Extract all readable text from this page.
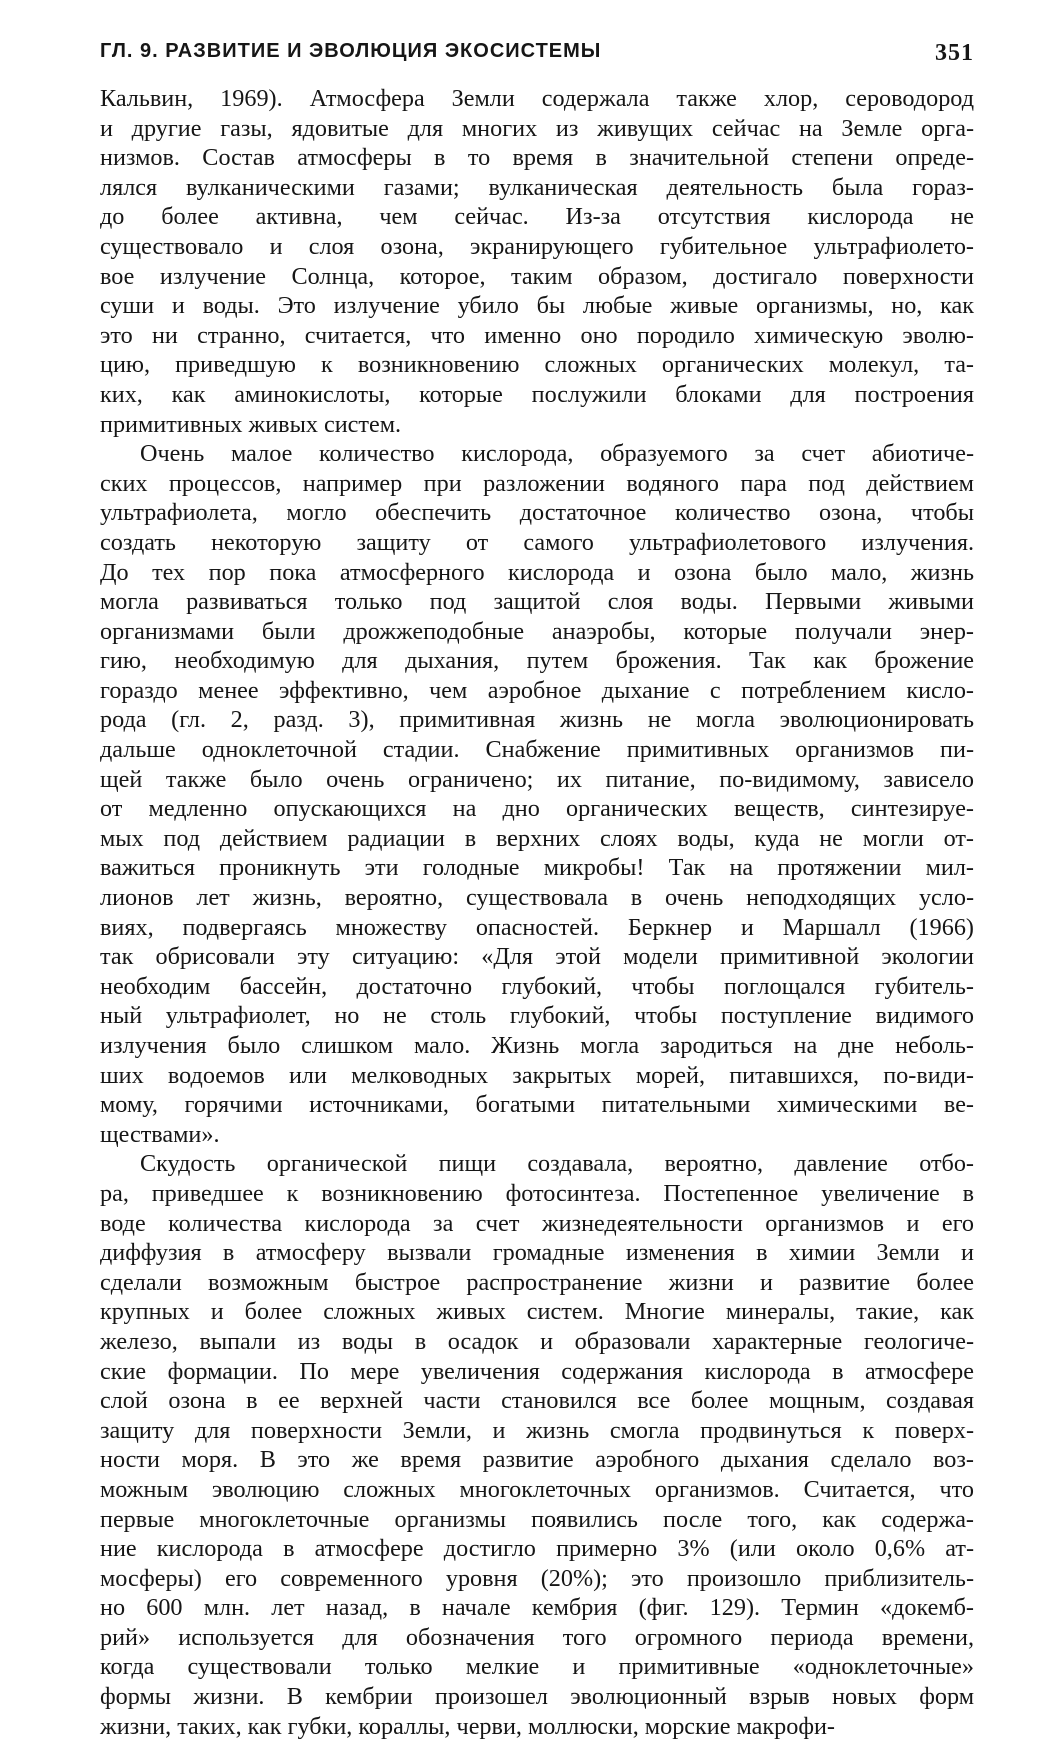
ГЛ. 9. РАЗВИТИЕ И ЭВОЛЮЦИЯ ЭКОСИСТЕМЫ	351
Кальвин, 1969). Атмосфера Земли содержала также хлор, сероводород
и другие газы, ядовитые для многих из живущих сейчас на Земле орга-
низмов. Состав атмосферы в то время в значительной степени опреде-
лялся вулканическими газами; вулканическая деятельность была гораз-
до более активна, чем сейчас. Из-за отсутствия кислорода не
существовало и слоя озона, экранирующего губительное ультрафиолето-
вое излучение Солнца, которое, таким образом, достигало поверхности
суши и воды. Это излучение убило бы любые живые организмы, но, как
это ни странно, считается, что именно оно породило химическую эволю-
цию, приведшую к возникновению сложных органических молекул, та-
ких, как аминокислоты, которые послужили блоками для построения
примитивных живых систем.
Очень малое количество кислорода, образуемого за счет абиотиче-
ских процессов, например при разложении водяного пара под действием
ультрафиолета, могло обеспечить достаточное количество озона, чтобы
создать некоторую защиту от самого ультрафиолетового излучения.
До тех пор пока атмосферного кислорода и озона было мало, жизнь
могла развиваться только под защитой слоя воды. Первыми живыми
организмами были дрожжеподобные анаэробы, которые получали энер-
гию, необходимую для дыхания, путем брожения. Так как брожение
гораздо менее эффективно, чем аэробное дыхание с потреблением кисло-
рода (гл. 2, разд. 3), примитивная жизнь не могла эволюционировать
дальше одноклеточной стадии. Снабжение примитивных организмов пи-
щей также было очень ограничено; их питание, по-видимому, зависело
от медленно опускающихся на дно органических веществ, синтезируе-
мых под действием радиации в верхних слоях воды, куда не могли от-
важиться проникнуть эти голодные микробы! Так на протяжении мил-
лионов лет жизнь, вероятно, существовала в очень неподходящих усло-
виях, подвергаясь множеству опасностей. Беркнер и Маршалл (1966)
так обрисовали эту ситуацию: «Для этой модели примитивной экологии
необходим бассейн, достаточно глубокий, чтобы поглощался губитель-
ный ультрафиолет, но не столь глубокий, чтобы поступление видимого
излучения было слишком мало. Жизнь могла зародиться на дне неболь-
ших водоемов или мелководных закрытых морей, питавшихся, по-види-
мому, горячими источниками, богатыми питательными химическими ве-
ществами».
Скудость органической пищи создавала, вероятно, давление отбо-
ра, приведшее к возникновению фотосинтеза. Постепенное увеличение в
воде количества кислорода за счет жизнедеятельности организмов и его
диффузия в атмосферу вызвали громадные изменения в химии Земли и
сделали возможным быстрое распространение жизни и развитие более
крупных и более сложных живых систем. Многие минералы, такие, как
железо, выпали из воды в осадок и образовали характерные геологиче-
ские формации. По мере увеличения содержания кислорода в атмосфере
слой озона в ее верхней части становился все более мощным, создавая
защиту для поверхности Земли, и жизнь смогла продвинуться к поверх-
ности моря. В это же время развитие аэробного дыхания сделало воз-
можным эволюцию сложных многоклеточных организмов. Считается, что
первые многоклеточные организмы появились после того, как содержа-
ние кислорода в атмосфере достигло примерно 3% (или около 0,6% ат-
мосферы) его современного уровня (20%); это произошло приблизитель-
но 600 млн. лет назад, в начале кембрия (фиг. 129). Термин «докемб-
рий» используется для обозначения того огромного периода времени,
когда существовали только мелкие и примитивные «одноклеточные»
формы жизни. В кембрии произошел эволюционный взрыв новых форм
жизни, таких, как губки, кораллы, черви, моллюски, морские макрофи-
